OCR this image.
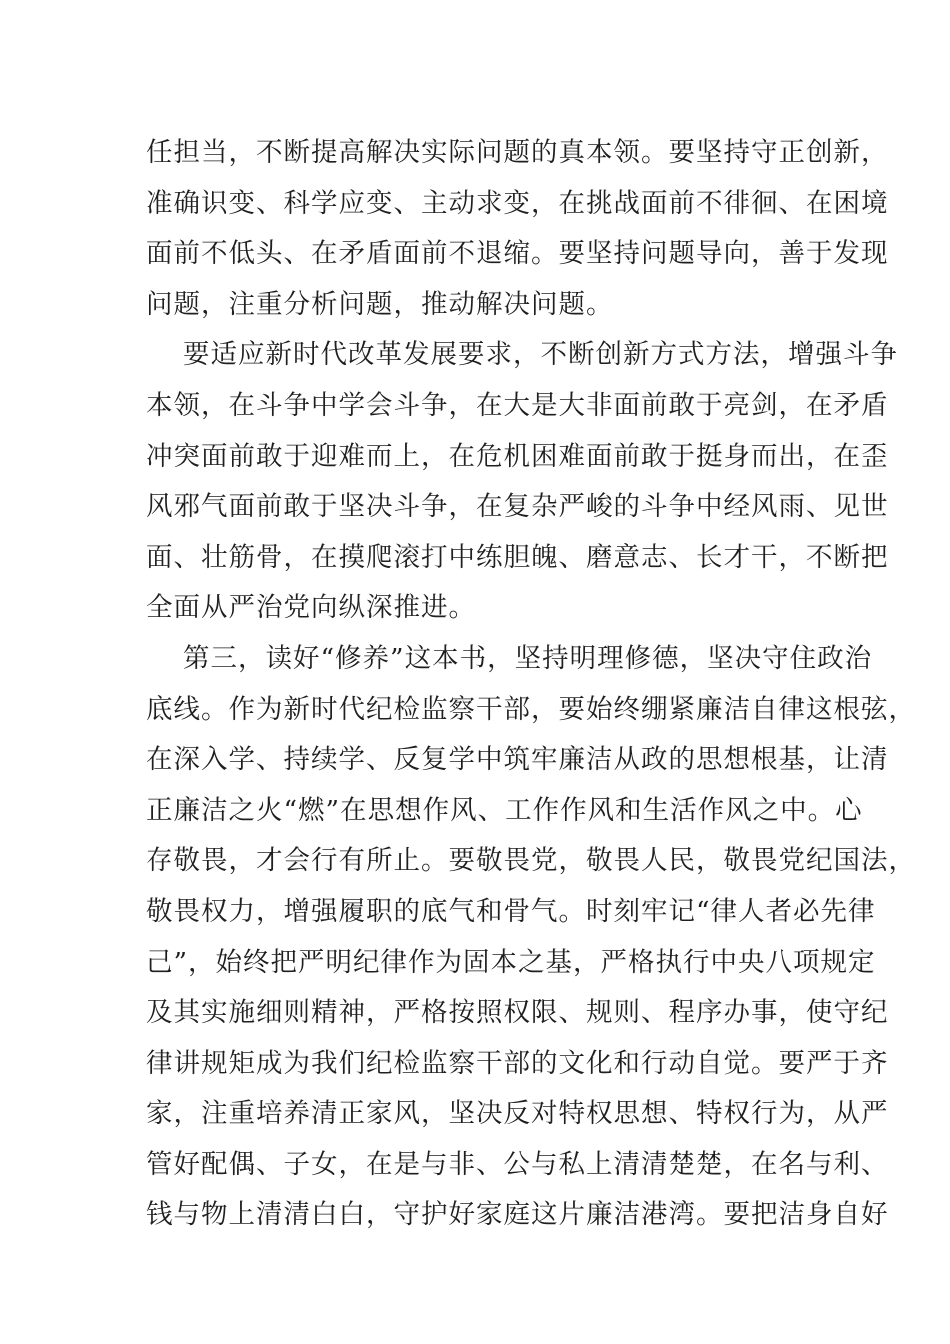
任担当，不断提高解决实际问题的真本领。要坚持守正创新，
准确识变、科学应变、主动求变，在挑战面前不徘徊、在困境
面前不低头、在矛盾面前不退缩。要坚持问题导向，善于发现
问题，注重分析问题，推动解决问题。
要适应新时代改革发展要求，不断创新方式方法，增强斗争
本领，在斗争中学会斗争，在大是大非面前敢于亮剑，在矛盾
冲突面前敢于迎难而上，在危机困难面前敢于挺身而出，在歪
风邪气面前敢于坚决斗争，在复杂严峻的斗争中经风雨、见世
面、壮筋骨，在摸爬滚打中练胆魄、磨意志、长才干，不断把
全面从严治党向纵深推进。
第三，读好“修养”这本书，坚持明理修德，坚决守住政治
底线。作为新时代纪检监察干部，要始终绷紧廉洁自律这根弦，
在深入学、持续学、反复学中筑牢廉洁从政的思想根基，让清
正廉洁之火“燃”在思想作风、工作作风和生活作风之中。心
存敬畏，才会行有所止。要敬畏党，敬畏人民，敬畏党纪国法，
敬畏权力，增强履职的底气和骨气。时刻牢记“律人者必先律
己”，始终把严明纪律作为固本之基，严格执行中央八项规定
及其实施细则精神，严格按照权限、规则、程序办事，使守纪
律讲规矩成为我们纪检监察干部的文化和行动自觉。要严于齐
家，注重培养清正家风，坚决反对特权思想、特权行为，从严
管好配偶、子女，在是与非、公与私上清清楚楚，在名与利、
钱与物上清清白白，守护好家庭这片廉洁港湾。要把洁身自好
